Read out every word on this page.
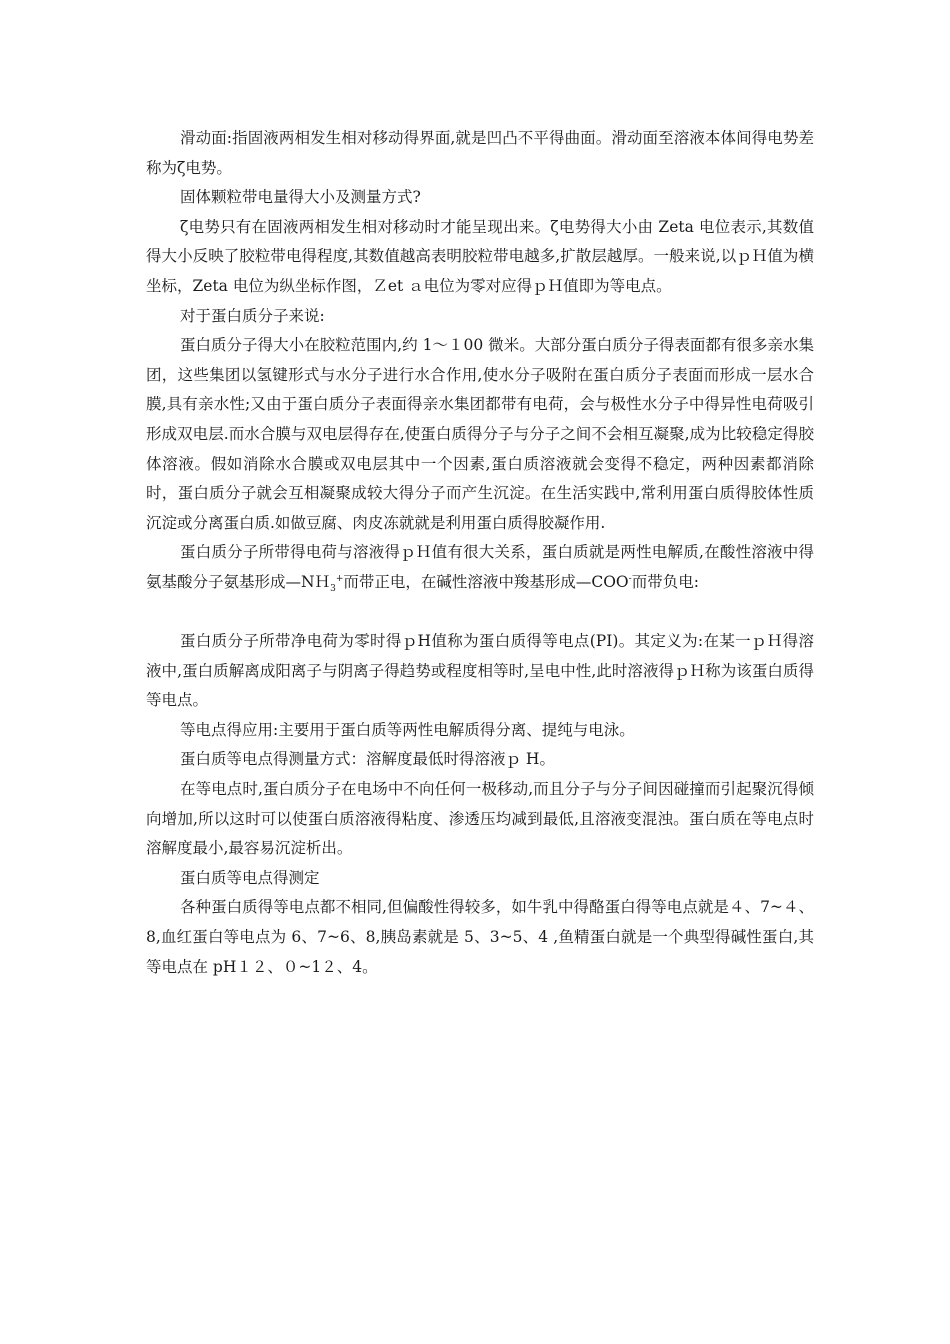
滑动面:指固液两相发生相对移动得界面,就是凹凸不平得曲面。滑动面至溶液本体间得电势差称为ζ电势。

固体颗粒带电量得大小及测量方式?

ζ电势只有在固液两相发生相对移动时才能呈现出来。ζ电势得大小由 Zeta 电位表示,其数值得大小反映了胶粒带电得程度,其数值越高表明胶粒带电越多,扩散层越厚。一般来说,以ｐＨ值为横坐标，Zeta 电位为纵坐标作图，Ｚet ａ电位为零对应得ｐＨ值即为等电点。

对于蛋白质分子来说:

蛋白质分子得大小在胶粒范围内,约 1～１00 微米。大部分蛋白质分子得表面都有很多亲水集团，这些集团以氢键形式与水分子进行水合作用,使水分子吸附在蛋白质分子表面而形成一层水合膜,具有亲水性;又由于蛋白质分子表面得亲水集团都带有电荷，会与极性水分子中得异性电荷吸引形成双电层.而水合膜与双电层得存在,使蛋白质得分子与分子之间不会相互凝聚,成为比较稳定得胶体溶液。假如消除水合膜或双电层其中一个因素,蛋白质溶液就会变得不稳定，两种因素都消除时，蛋白质分子就会互相凝聚成较大得分子而产生沉淀。在生活实践中,常利用蛋白质得胶体性质沉淀或分离蛋白质.如做豆腐、肉皮冻就就是利用蛋白质得胶凝作用.

蛋白质分子所带得电荷与溶液得ｐＨ值有很大关系，蛋白质就是两性电解质,在酸性溶液中得氨基酸分子氨基形成—NＨ$_3$+而带正电，在碱性溶液中羧基形成—COO-而带负电:

蛋白质分子所带净电荷为零时得ｐH值称为蛋白质得等电点(PI)。其定义为:在某一ｐＨ得溶液中,蛋白质解离成阳离子与阴离子得趋势或程度相等时,呈电中性,此时溶液得ｐＨ称为该蛋白质得等电点。

等电点得应用:主要用于蛋白质等两性电解质得分离、提纯与电泳。

蛋白质等电点得测量方式：溶解度最低时得溶液ｐ H。

在等电点时,蛋白质分子在电场中不向任何一极移动,而且分子与分子间因碰撞而引起聚沉得倾向增加,所以这时可以使蛋白质溶液得粘度、渗透压均减到最低,且溶液变混浊。蛋白质在等电点时溶解度最小,最容易沉淀析出。

蛋白质等电点得测定

各种蛋白质得等电点都不相同,但偏酸性得较多，如牛乳中得酪蛋白得等电点就是４、7~４、8,血红蛋白等电点为 6、7~6、8,胰岛素就是 5、3~5、4 ,鱼精蛋白就是一个典型得碱性蛋白,其等电点在 pH１２、０~1２、4。
